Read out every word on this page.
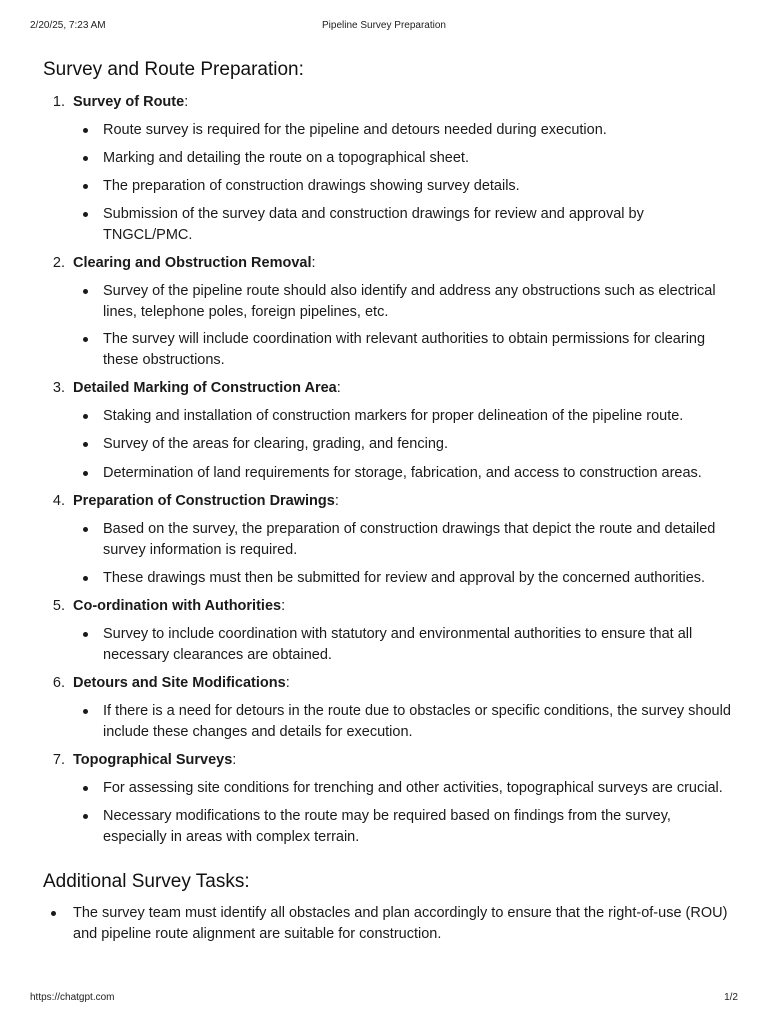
2/20/25, 7:23 AM	Pipeline Survey Preparation
Survey and Route Preparation:
1. Survey of Route:
Route survey is required for the pipeline and detours needed during execution.
Marking and detailing the route on a topographical sheet.
The preparation of construction drawings showing survey details.
Submission of the survey data and construction drawings for review and approval by TNGCL/PMC.
2. Clearing and Obstruction Removal:
Survey of the pipeline route should also identify and address any obstructions such as electrical lines, telephone poles, foreign pipelines, etc.
The survey will include coordination with relevant authorities to obtain permissions for clearing these obstructions.
3. Detailed Marking of Construction Area:
Staking and installation of construction markers for proper delineation of the pipeline route.
Survey of the areas for clearing, grading, and fencing.
Determination of land requirements for storage, fabrication, and access to construction areas.
4. Preparation of Construction Drawings:
Based on the survey, the preparation of construction drawings that depict the route and detailed survey information is required.
These drawings must then be submitted for review and approval by the concerned authorities.
5. Co-ordination with Authorities:
Survey to include coordination with statutory and environmental authorities to ensure that all necessary clearances are obtained.
6. Detours and Site Modifications:
If there is a need for detours in the route due to obstacles or specific conditions, the survey should include these changes and details for execution.
7. Topographical Surveys:
For assessing site conditions for trenching and other activities, topographical surveys are crucial.
Necessary modifications to the route may be required based on findings from the survey, especially in areas with complex terrain.
Additional Survey Tasks:
The survey team must identify all obstacles and plan accordingly to ensure that the right-of-use (ROU) and pipeline route alignment are suitable for construction.
https://chatgpt.com	1/2
